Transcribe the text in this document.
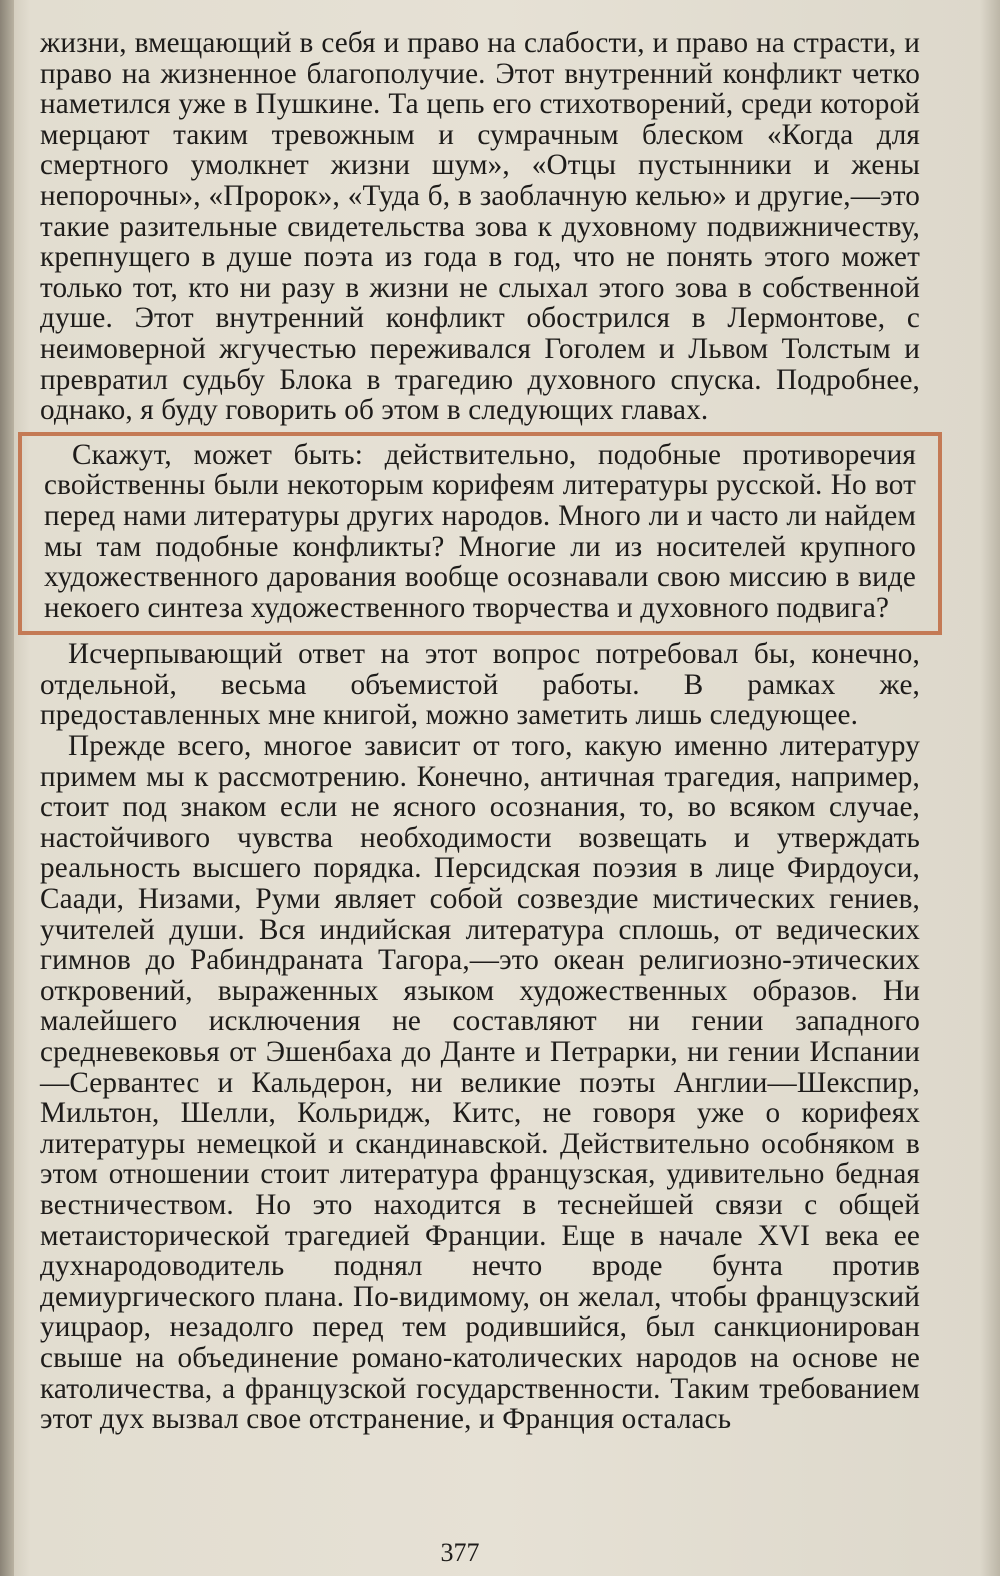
жизни, вмещающий в себя и право на слабости, и право на страсти, и право на жизненное благополучие. Этот внутренний конфликт четко наметился уже в Пушкине. Та цепь его стихотворений, среди которой мерцают таким тревожным и сумрачным блеском «Когда для смертного умолкнет жизни шум», «Отцы пустынники и жены непорочны», «Пророк», «Туда б, в заоблачную келью» и другие,—это такие разительные свидетельства зова к духовному подвижничеству, крепнущего в душе поэта из года в год, что не понять этого может только тот, кто ни разу в жизни не слыхал этого зова в собственной душе. Этот внутренний конфликт обострился в Лермонтове, с неимоверной жгучестью переживался Гоголем и Львом Толстым и превратил судьбу Блока в трагедию духовного спуска. Подробнее, однако, я буду говорить об этом в следующих главах.

Скажут, может быть: действительно, подобные противоречия свойственны были некоторым корифеям литературы русской. Но вот перед нами литературы других народов. Много ли и часто ли найдем мы там подобные конфликты? Многие ли из носителей крупного художественного дарования вообще осознавали свою миссию в виде некоего синтеза художественного творчества и духовного подвига?

Исчерпывающий ответ на этот вопрос потребовал бы, конечно, отдельной, весьма объемистой работы. В рамках же, предоставленных мне книгой, можно заметить лишь следующее.

Прежде всего, многое зависит от того, какую именно литературу примем мы к рассмотрению. Конечно, античная трагедия, например, стоит под знаком если не ясного осознания, то, во всяком случае, настойчивого чувства необходимости возвещать и утверждать реальность высшего порядка. Персидская поэзия в лице Фирдоуси, Саади, Низами, Руми являет собой созвездие мистических гениев, учителей души. Вся индийская литература сплошь, от ведических гимнов до Рабиндраната Тагора,—это океан религиозно-этических откровений, выраженных языком художественных образов. Ни малейшего исключения не составляют ни гении западного средневековья от Эшенбаха до Данте и Петрарки, ни гении Испании—Сервантес и Кальдерон, ни великие поэты Англии—Шекспир, Мильтон, Шелли, Кольридж, Китс, не говоря уже о корифеях литературы немецкой и скандинавской. Действительно особняком в этом отношении стоит литература французская, удивительно бедная вестничеством. Но это находится в теснейшей связи с общей метаисторической трагедией Франции. Еще в начале XVI века ее духнародоводитель поднял нечто вроде бунта против демиургического плана. По-видимому, он желал, чтобы французский уицраор, незадолго перед тем родившийся, был санкционирован свыше на объединение романо-католических народов на основе не католичества, а французской государственности. Таким требованием этот дух вызвал свое отстранение, и Франция осталась

377
